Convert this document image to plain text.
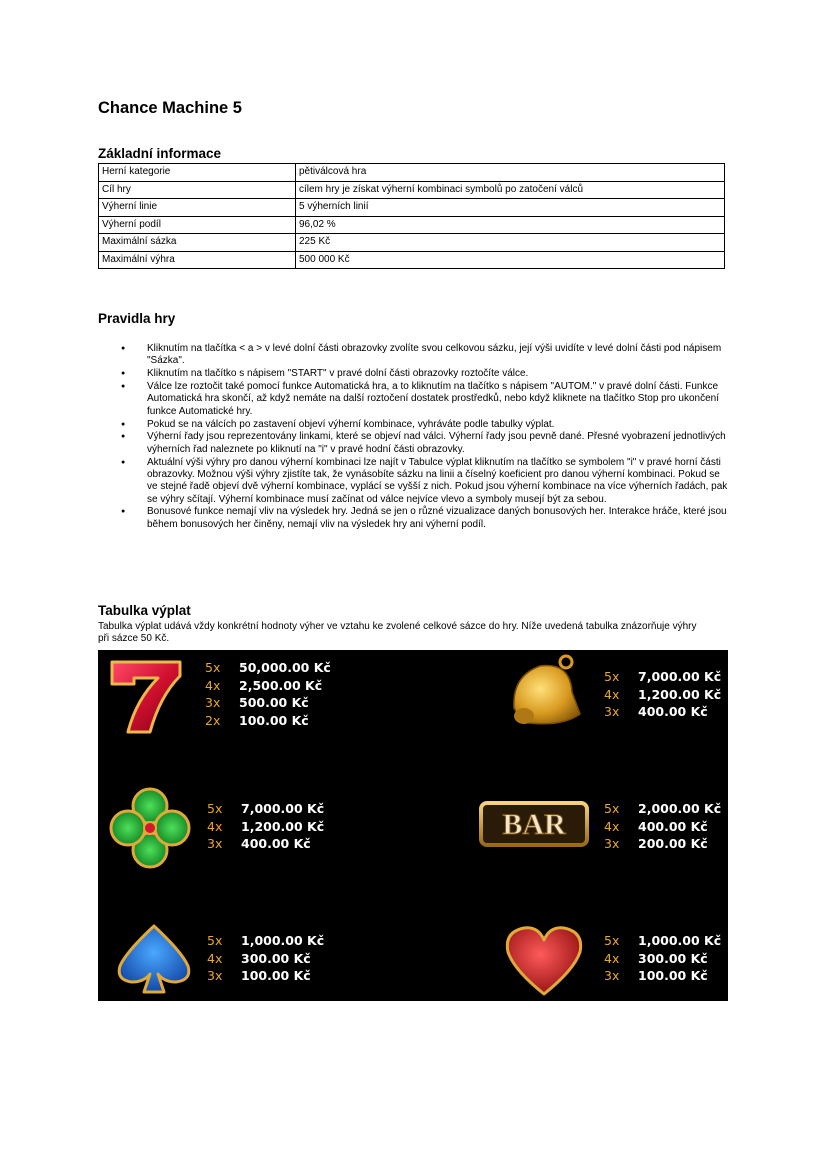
Chance Machine 5
Základní informace
Herní kategorie	pětiválcová hra
Cíl hry	cílem hry je získat výherní kombinaci symbolů po zatočení válců
Výherní linie	5 výherních linií
Výherní podíl	96,02 %
Maximální sázka	225 Kč
Maximální výhra	500 000 Kč
Pravidla hry
● Kliknutím na tlačítka < a > v levé dolní části obrazovky zvolíte svou celkovou sázku, její výši uvidíte v levé dolní části pod nápisem "Sázka".
● Kliknutím na tlačítko s nápisem "START" v pravé dolní části obrazovky roztočíte válce.
● Válce lze roztočit také pomocí funkce Automatická hra, a to kliknutím na tlačítko s nápisem "AUTOM." v pravé dolní části. Funkce Automatická hra skončí, až když nemáte na další roztočení dostatek prostředků, nebo když kliknete na tlačítko Stop pro ukončení funkce Automatické hry.
● Pokud se na válcích po zastavení objeví výherní kombinace, vyhráváte podle tabulky výplat.
● Výherní řady jsou reprezentovány linkami, které se objeví nad válci. Výherní řady jsou pevně dané. Přesné vyobrazení jednotlivých výherních řad naleznete po kliknutí na "i" v pravé hodní části obrazovky.
● Aktuální výši výhry pro danou výherní kombinaci lze najít v Tabulce výplat kliknutím na tlačítko se symbolem "i" v pravé horní části obrazovky. Možnou výši výhry zjistíte tak, že vynásobíte sázku na linii a číselný koeficient pro danou výherní kombinaci. Pokud se ve stejné řadě objeví dvě výherní kombinace, vyplácí se vyšší z nich. Pokud jsou výherní kombinace na více výherních řadách, pak se výhry sčítají. Výherní kombinace musí začínat od válce nejvíce vlevo a symboly musejí být za sebou.
● Bonusové funkce nemají vliv na výsledek hry. Jedná se jen o různé vizualizace daných bonusových her. Interakce hráče, které jsou během bonusových her činěny, nemají vliv na výsledek hry ani výherní podíl.
Tabulka výplat

Tabulka výplat udává vždy konkrétní hodnoty výher ve vztahu ke zvolené celkové sázce do hry. Níže uvedená tabulka znázorňuje výhry při sázce 50 Kč.

5x 50,000.00 Kč
4x 2,500.00 Kč
3x 500.00 Kč
2x 100.00 Kč
5x 7,000.00 Kč
4x 1,200.00 Kč
3x 400.00 Kč
5x 7,000.00 Kč
4x 1,200.00 Kč
3x 400.00 Kč
BAR	5x 2,000.00 Kč
4x 400.00 Kč
3x 200.00 Kč
5x 1,000.00 Kč
4x 300.00 Kč
3x 100.00 Kč
5x 1,000.00 Kč
4x 300.00 Kč
3x 100.00 Kč
